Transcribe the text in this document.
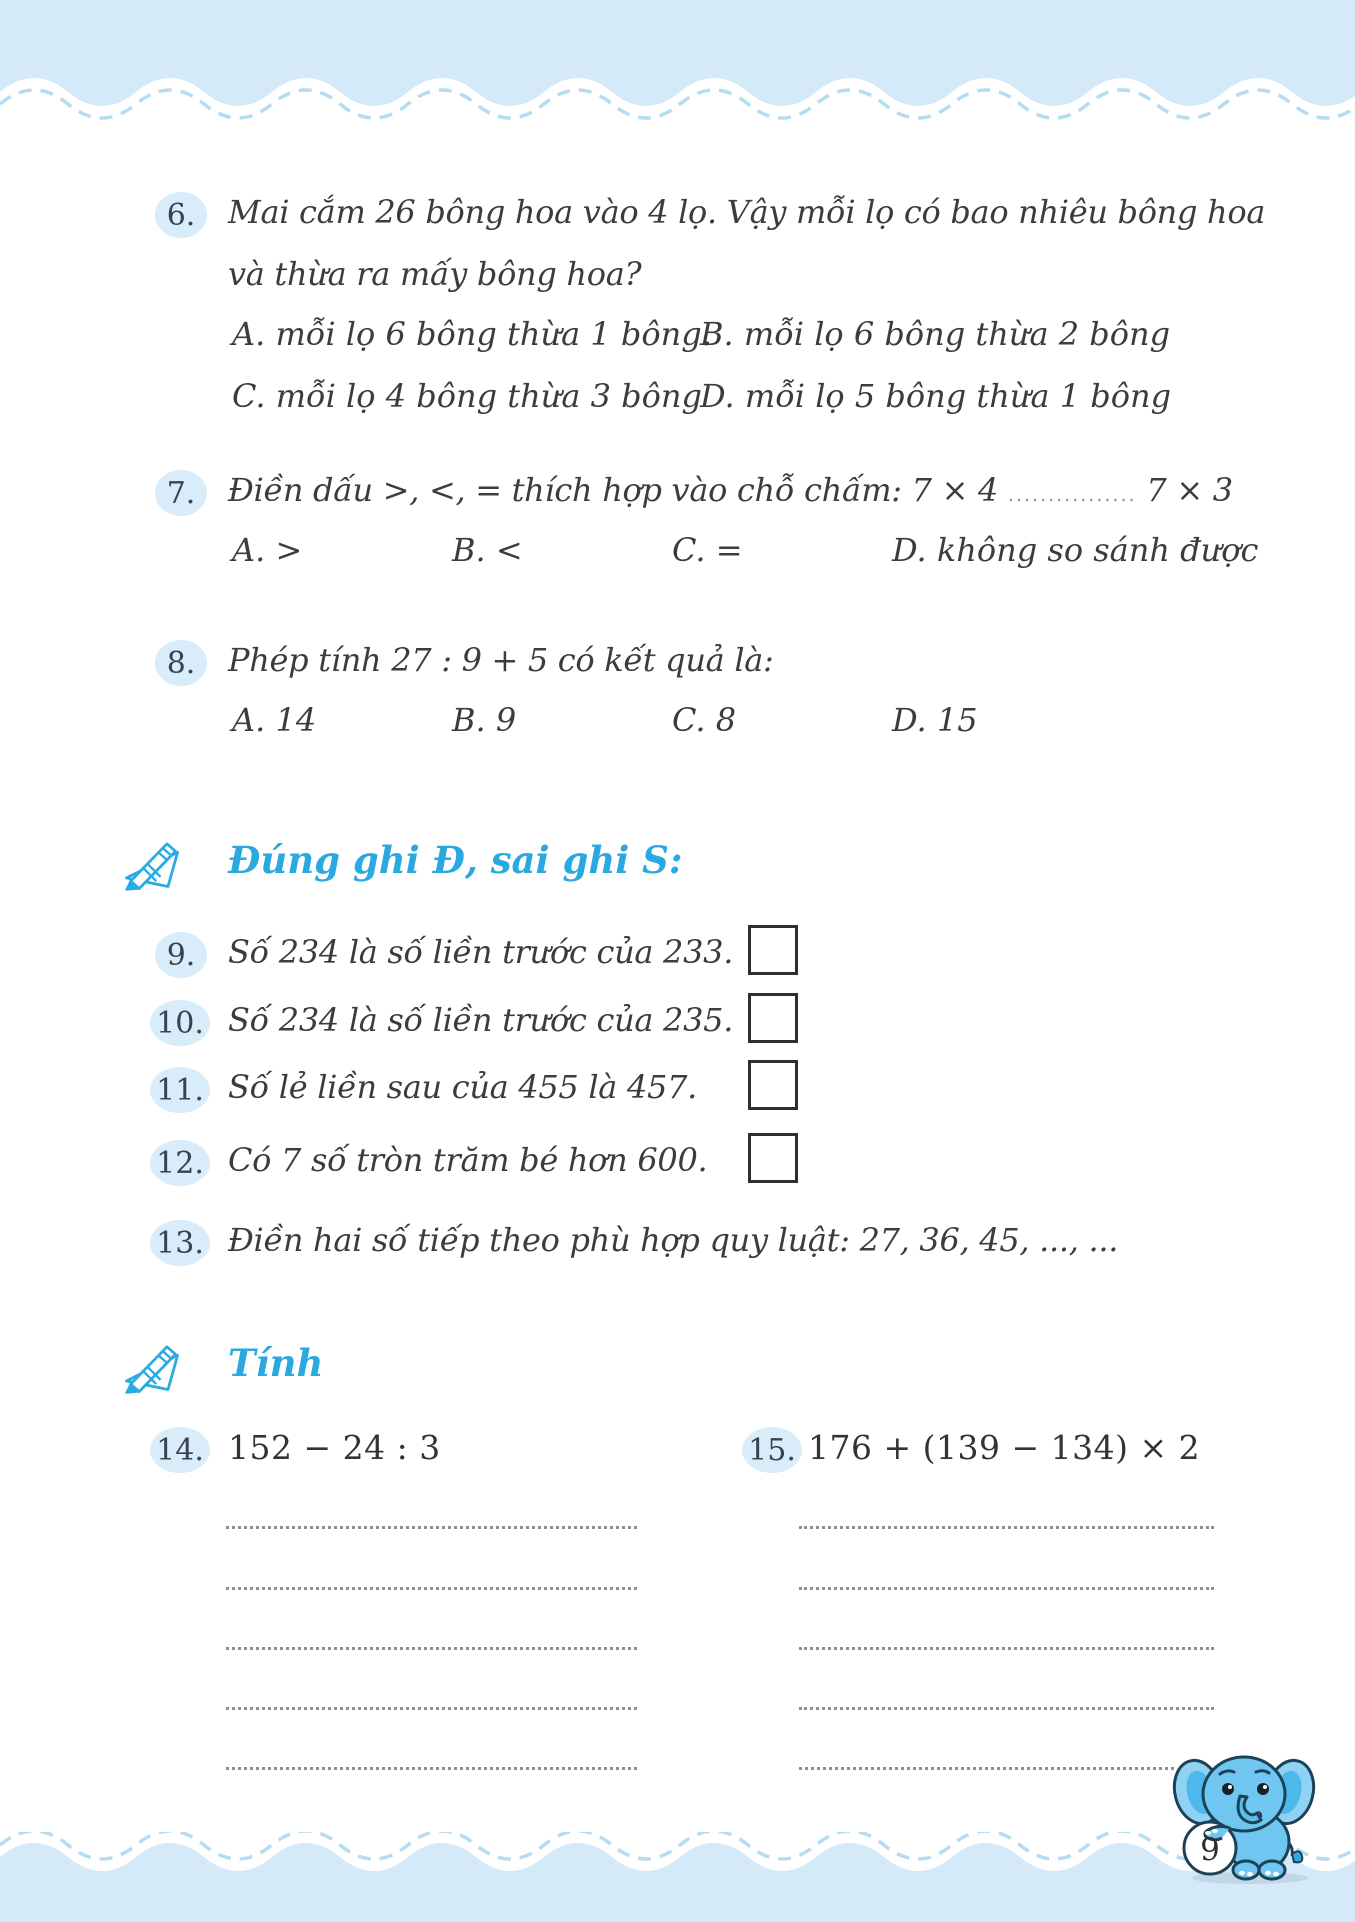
6.	Mai cắm 26 bông hoa vào 4 lọ. Vậy mỗi lọ có bao nhiêu bông hoa
và thừa ra mấy bông hoa?
A. mỗi lọ 6 bông thừa 1 bông.
B. mỗi lọ 6 bông thừa 2 bông
C. mỗi lọ 4 bông thừa 3 bông
D. mỗi lọ 5 bông thừa 1 bông
7.	Điền dấu >, <, = thích hợp vào chỗ chấm: 7 × 4 ................ 7 × 3
A. >	B. <	C. =	D. không so sánh được
8.	Phép tính 27 : 9 + 5 có kết quả là:
A. 14	B. 9	C. 8	D. 15
Đúng ghi Đ, sai ghi S:
9.	Số 234 là số liền trước của 233.
10. Số 234 là số liền trước của 235.
11. Số lẻ liền sau của 455 là 457.
12. Có 7 số tròn trăm bé hơn 600.
13. Điền hai số tiếp theo phù hợp quy luật: 27, 36, 45, ..., ...
Tính
14. 152 − 24 : 3	15. 176 + (139 − 134) × 2
9
